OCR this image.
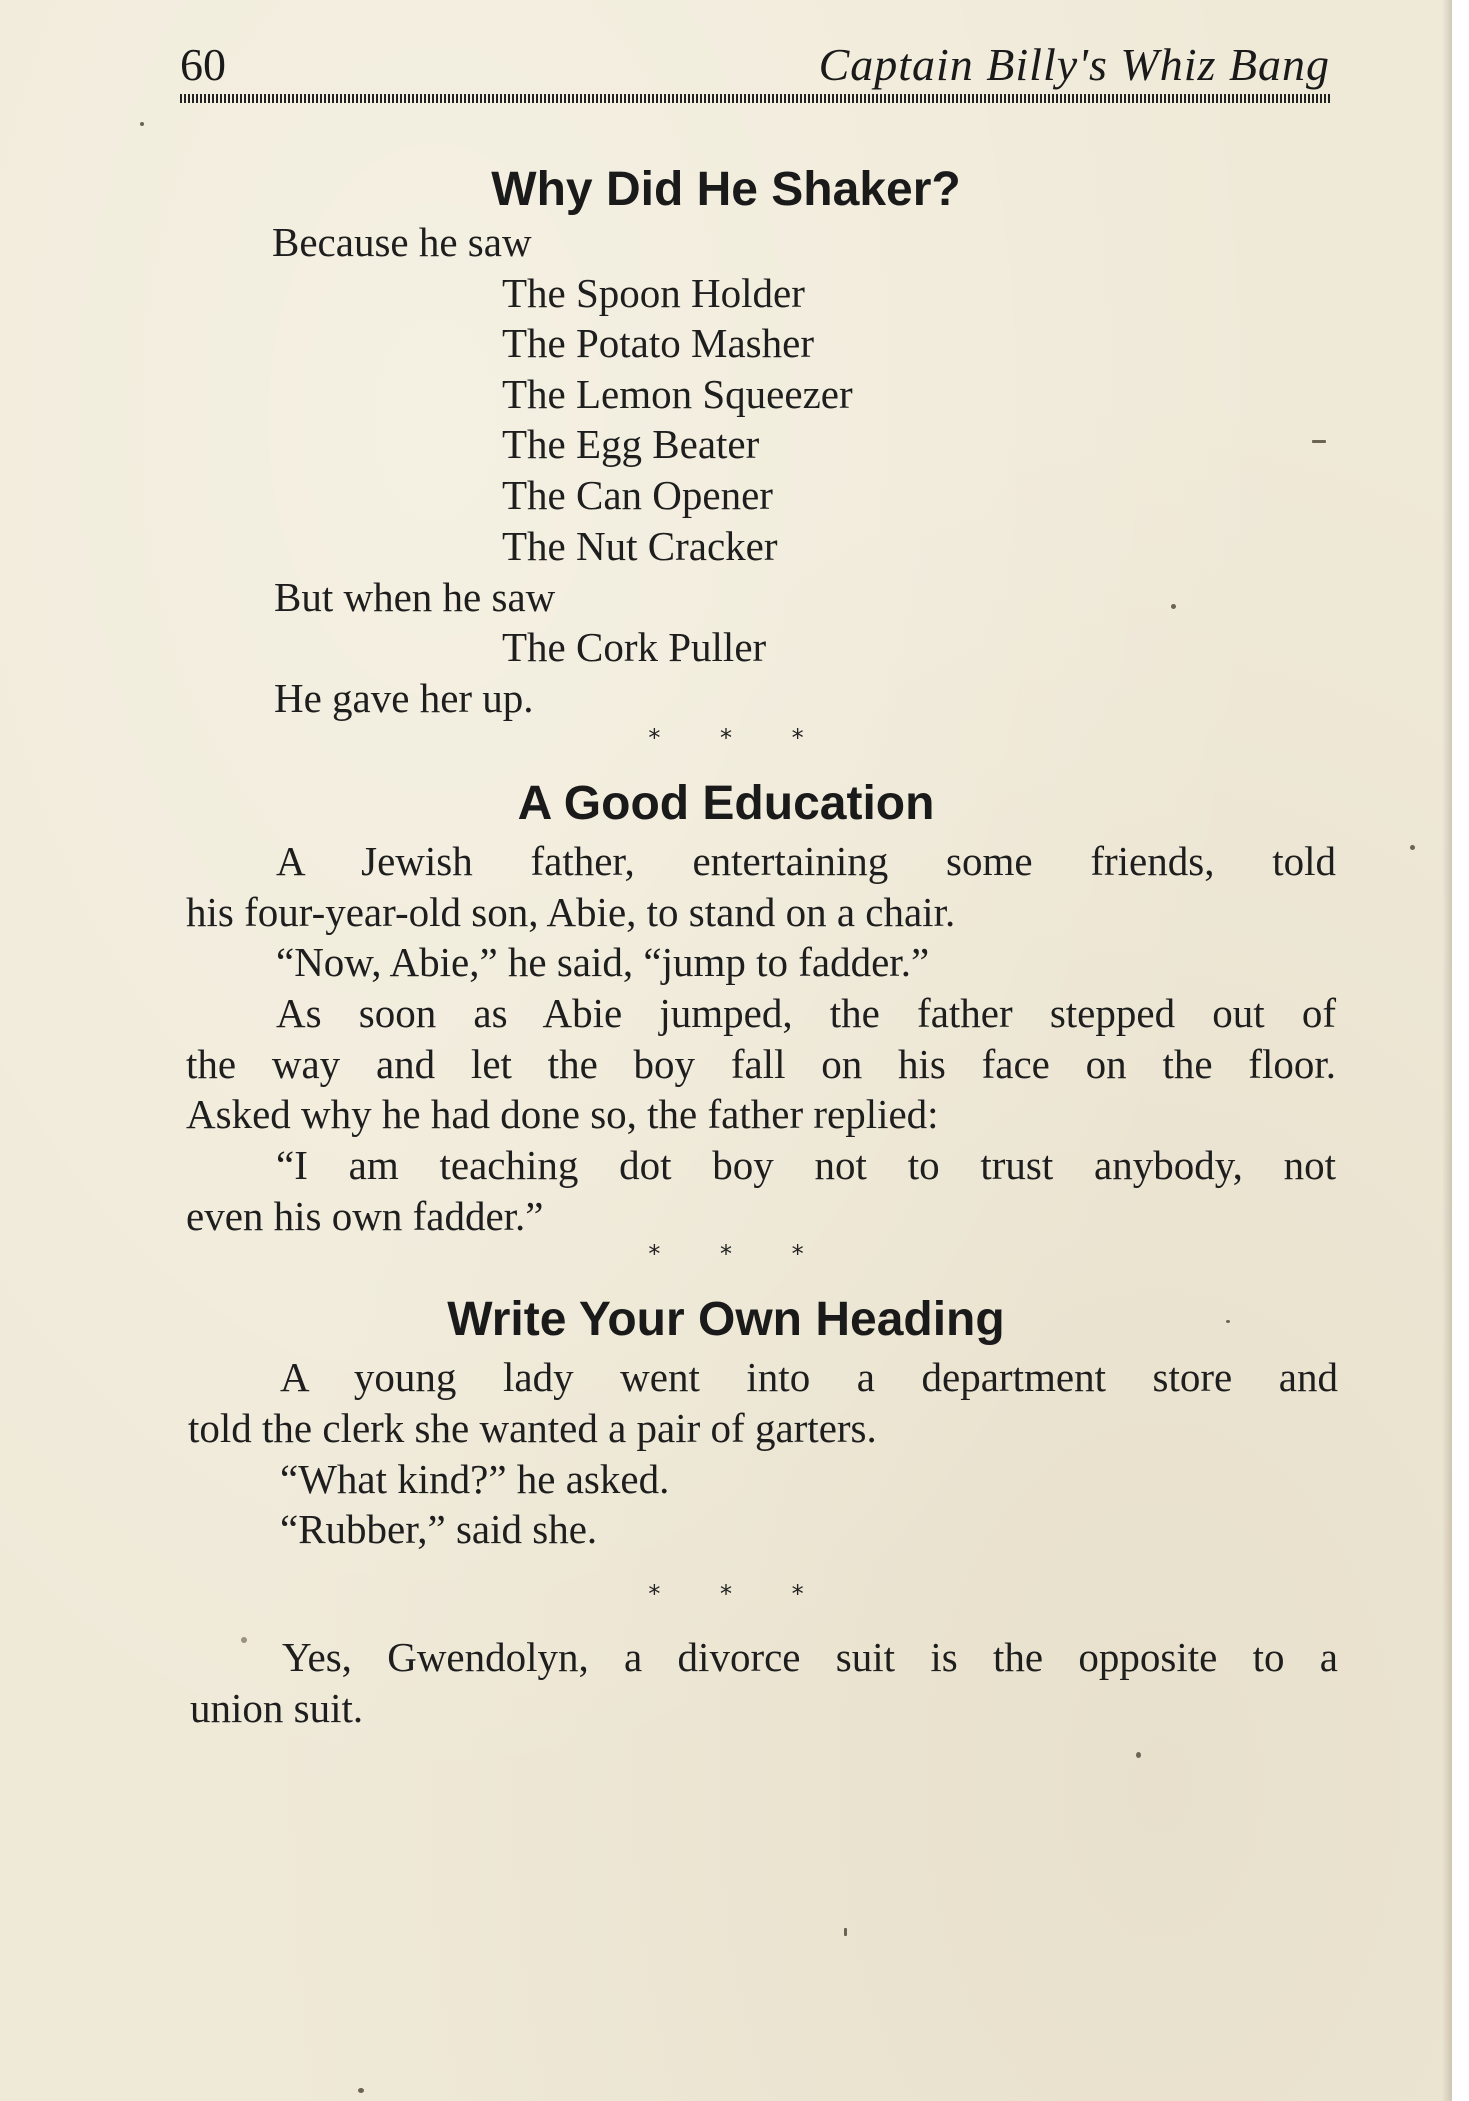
60	Captain Billy's Whiz Bang
Why Did He Shaker?
Because he saw
The Spoon Holder
The Potato Masher
The Lemon Squeezer
The Egg Beater
The Can Opener
The Nut Cracker
But when he saw
The Cork Puller
He gave her up.
* * *
A Good Education
A Jewish father, entertaining some friends, told
his four-year-old son, Abie, to stand on a chair.
“Now, Abie,” he said, “jump to fadder.”
As soon as Abie jumped, the father stepped out of
the way and let the boy fall on his face on the floor.
Asked why he had done so, the father replied:
“I am teaching dot boy not to trust anybody, not
even his own fadder.”
* * *
Write Your Own Heading
A young lady went into a department store and
told the clerk she wanted a pair of garters.
“What kind?” he asked.
“Rubber,” said she.
* * *
Yes, Gwendolyn, a divorce suit is the opposite to a
union suit.
